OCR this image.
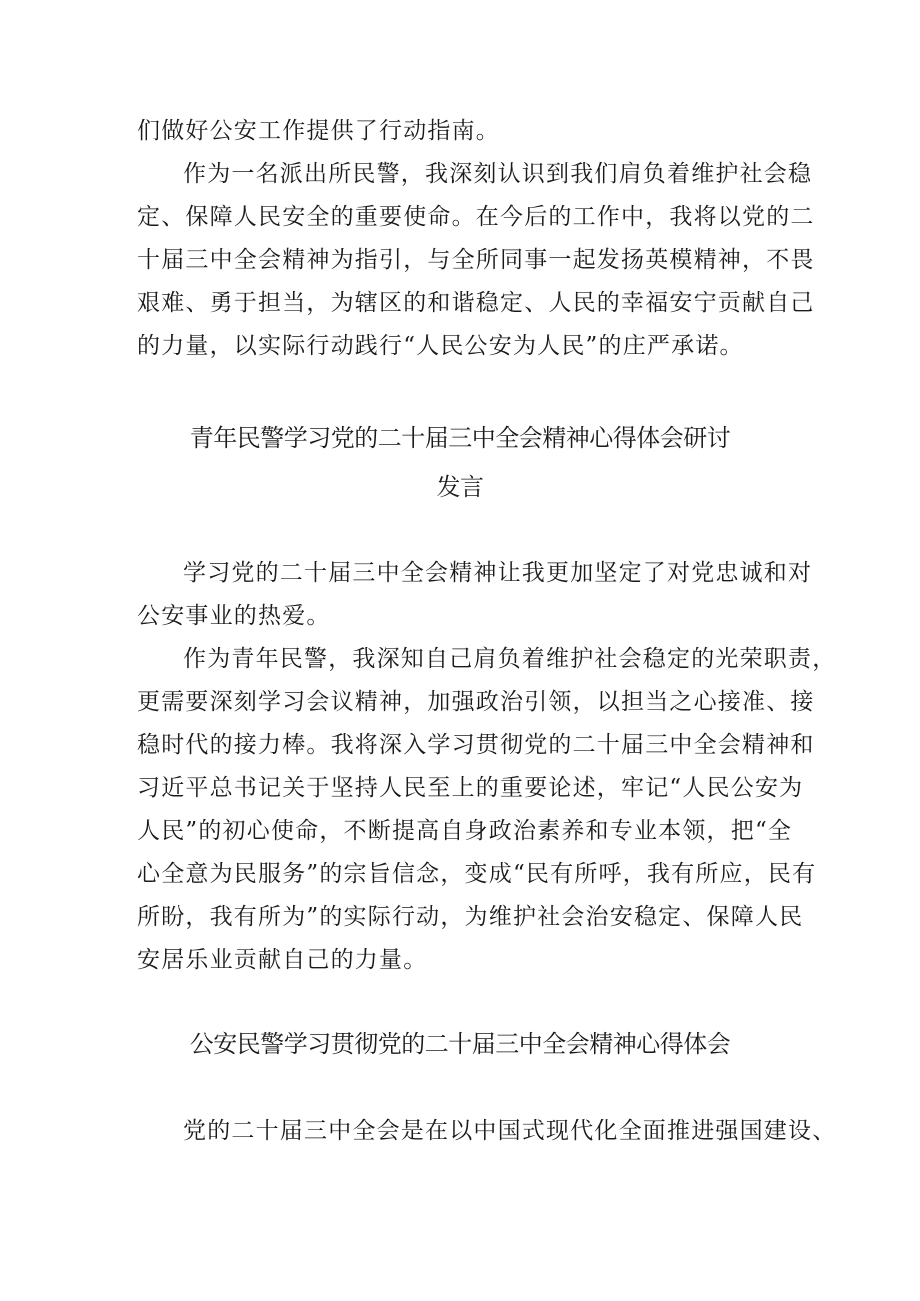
们做好公安工作提供了行动指南。
作为一名派出所民警，我深刻认识到我们肩负着维护社会稳
定、保障人民安全的重要使命。在今后的工作中，我将以党的二
十届三中全会精神为指引，与全所同事一起发扬英模精神，不畏
艰难、勇于担当，为辖区的和谐稳定、人民的幸福安宁贡献自己
的力量，以实际行动践行“人民公安为人民”的庄严承诺。
青年民警学习党的二十届三中全会精神心得体会研讨
发言
学习党的二十届三中全会精神让我更加坚定了对党忠诚和对
公安事业的热爱。
作为青年民警，我深知自己肩负着维护社会稳定的光荣职责，
更需要深刻学习会议精神，加强政治引领，以担当之心接准、接
稳时代的接力棒。我将深入学习贯彻党的二十届三中全会精神和
习近平总书记关于坚持人民至上的重要论述，牢记“人民公安为
人民”的初心使命，不断提高自身政治素养和专业本领，把“全
心全意为民服务”的宗旨信念，变成“民有所呼，我有所应，民有
所盼，我有所为”的实际行动，为维护社会治安稳定、保障人民
安居乐业贡献自己的力量。
公安民警学习贯彻党的二十届三中全会精神心得体会
党的二十届三中全会是在以中国式现代化全面推进强国建设、
